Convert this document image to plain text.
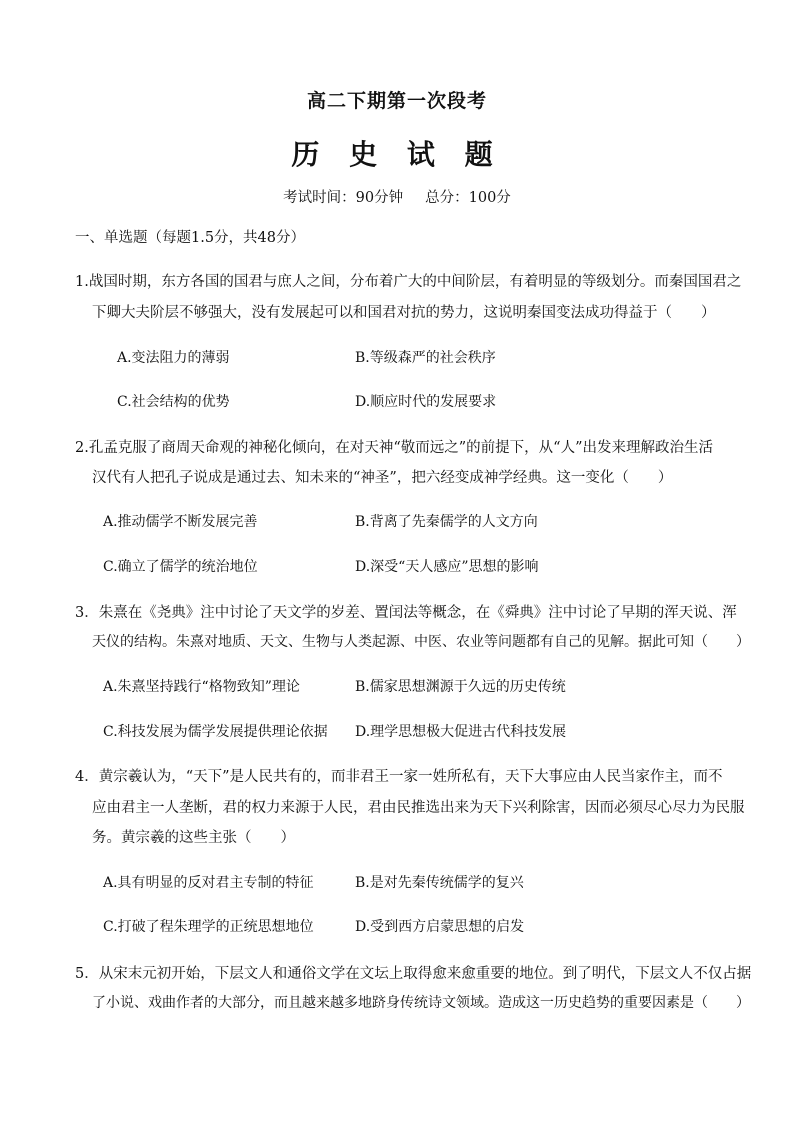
高二下期第一次段考
历 史 试 题
考试时间：90分钟 总分：100分
一、单选题（每题1.5分，共48分）
1.战国时期，东方各国的国君与庶人之间，分布着广大的中间阶层，有着明显的等级划分。而秦国国君之
下卿大夫阶层不够强大，没有发展起可以和国君对抗的势力，这说明秦国变法成功得益于（　　）
A.变法阻力的薄弱	B.等级森严的社会秩序
C.社会结构的优势	D.顺应时代的发展要求
2.孔孟克服了商周天命观的神秘化倾向，在对天神“敬而远之”的前提下，从“人”出发来理解政治生活
汉代有人把孔子说成是通过去、知未来的“神圣”，把六经变成神学经典。这一变化（　　）
A.推动儒学不断发展完善	B.背离了先秦儒学的人文方向
C.确立了儒学的统治地位	D.深受“天人感应”思想的影响
3．朱熹在《尧典》注中讨论了天文学的岁差、置闰法等概念，在《舜典》注中讨论了早期的浑天说、浑
天仪的结构。朱熹对地质、天文、生物与人类起源、中医、农业等问题都有自己的见解。据此可知（　　）
A.朱熹坚持践行“格物致知”理论	B.儒家思想渊源于久远的历史传统
C.科技发展为儒学发展提供理论依据 D.理学思想极大促进古代科技发展
4．黄宗羲认为，“天下”是人民共有的，而非君王一家一姓所私有，天下大事应由人民当家作主，而不
应由君主一人垄断，君的权力来源于人民，君由民推选出来为天下兴利除害，因而必须尽心尽力为民服
务。黄宗羲的这些主张（　　）
A.具有明显的反对君主专制的特征	B.是对先秦传统儒学的复兴
C.打破了程朱理学的正统思想地位	D.受到西方启蒙思想的启发
5．从宋末元初开始，下层文人和通俗文学在文坛上取得愈来愈重要的地位。到了明代，下层文人不仅占据
了小说、戏曲作者的大部分，而且越来越多地跻身传统诗文领域。造成这一历史趋势的重要因素是（　　）
